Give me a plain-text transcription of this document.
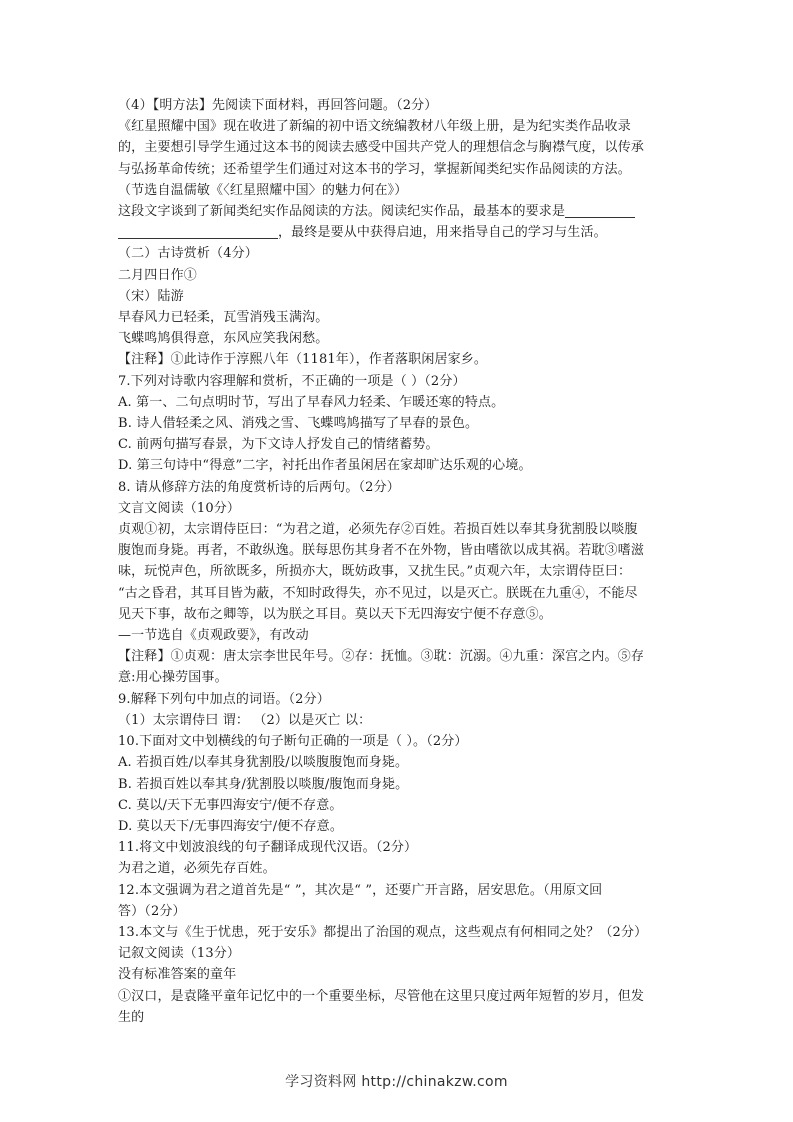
（4）【明方法】先阅读下面材料，再回答问题。（2分）
《红星照耀中国》现在收进了新编的初中语文统编教材八年级上册，是为纪实类作品收录
的，主要想引导学生通过这本书的阅读去感受中国共产党人的理想信念与胸襟气度，以传承
与弘扬革命传统；还希望学生们通过对这本书的学习，掌握新闻类纪实作品阅读的方法。
（节选自温儒敏《〈红星照耀中国〉的魅力何在》）
这段文字谈到了新闻类纪实作品阅读的方法。阅读纪实作品，最基本的要求是
，最终是要从中获得启迪，用来指导自己的学习与生活。
（二）古诗赏析（4分）
二月四日作①
（宋）陆游
早春风力已轻柔，瓦雪消残玉满沟。
飞蝶鸣鸠俱得意，东风应笑我闲愁。
【注释】①此诗作于淳熙八年（1181年），作者落职闲居家乡。
7.下列对诗歌内容理解和赏析，不正确的一项是（ ）（2分）
A. 第一、二句点明时节，写出了早春风力轻柔、乍暖还寒的特点。
B. 诗人借轻柔之风、消残之雪、飞蝶鸣鸠描写了早春的景色。
C. 前两句描写春景，为下文诗人抒发自己的情绪蓄势。
D. 第三句诗中“得意”二字，衬托出作者虽闲居在家却旷达乐观的心境。
8. 请从修辞方法的角度赏析诗的后两句。（2分）
文言文阅读（10分）
贞观①初，太宗谓侍臣曰：“为君之道，必须先存②百姓。若损百姓以奉其身犹割股以啖腹
腹饱而身毙。再者，不敢纵逸。朕每思伤其身者不在外物，皆由嗜欲以成其祸。若耽③嗜滋
味，玩悦声色，所欲既多，所损亦大，既妨政事，又扰生民。”贞观六年，太宗谓侍臣曰：
“古之昏君，其耳目皆为蔽，不知时政得失，亦不见过，以是灭亡。朕既在九重④，不能尽
见天下事，故布之卿等，以为朕之耳目。莫以天下无四海安宁便不存意⑤。
—一节选自《贞观政要》，有改动
【注释】①贞观：唐太宗李世民年号。②存：抚恤。③耽：沉溺。④九重：深宫之内。⑤存
意:用心操劳国事。
9.解释下列句中加点的词语。（2分）
（1）太宗谓侍曰 谓： （2）以是灭亡 以：
10.下面对文中划横线的句子断句正确的一项是（ ）。（2分）
A. 若损百姓/以奉其身犹割股/以啖腹腹饱而身毙。
B. 若损百姓以奉其身/犹割股以啖腹/腹饱而身毙。
C. 莫以/天下无事四海安宁/便不存意。
D. 莫以天下/无事四海安宁/便不存意。
11.将文中划波浪线的句子翻译成现代汉语。（2分）
为君之道，必须先存百姓。
12.本文强调为君之道首先是“ ”，其次是“ ”，还要广开言路，居安思危。（用原文回
答）（2分）
13.本文与《生于忧患，死于安乐》都提出了治国的观点，这些观点有何相同之处？（2分）
记叙文阅读（13分）
没有标准答案的童年
①汉口，是袁隆平童年记忆中的一个重要坐标，尽管他在这里只度过两年短暂的岁月，但发
生的
学习资料网 http://chinakzw.com
